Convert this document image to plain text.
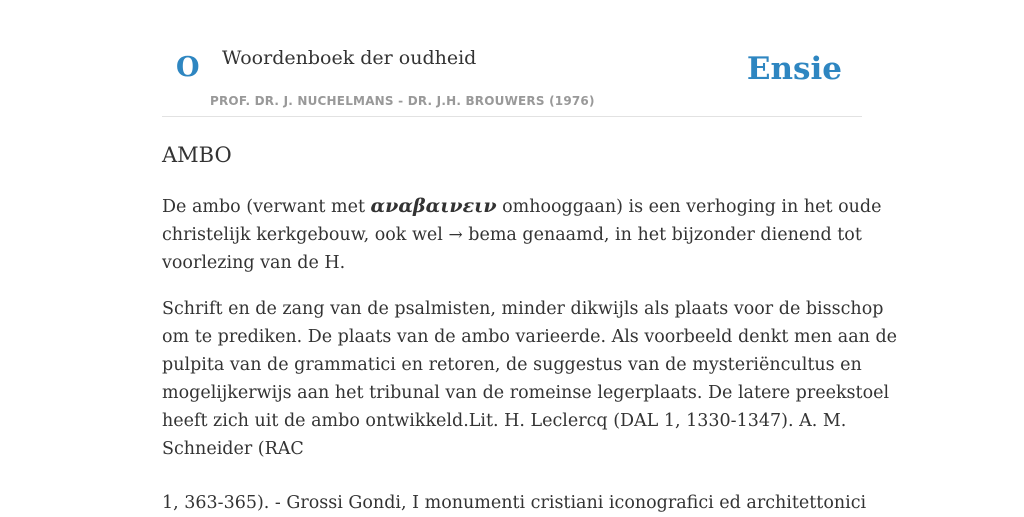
O Woordenboek der oudheid	Ensie
PROF. DR. J. NUCHELMANS - DR. J.H. BROUWERS (1976)
AMBO

De ambo (verwant met αναβαινειν omhooggaan) is een verhoging in het oude
christelijk kerkgebouw, ook wel → bema genaamd, in het bijzonder dienend tot
voorlezing van de H.

Schrift en de zang van de psalmisten, minder dikwijls als plaats voor de bisschop
om te prediken. De plaats van de ambo varieerde. Als voorbeeld denkt men aan de
pulpita van de grammatici en retoren, de suggestus van de mysteriëncultus en
mogelijkerwijs aan het tribunal van de romeinse legerplaats. De latere preekstoel
heeft zich uit de ambo ontwikkeld.Lit. H. Leclercq (DAL 1, 1330-1347). A. M.
Schneider (RAC

1, 363-365). - Grossi Gondi, I monumenti cristiani iconografici ed architettonici
